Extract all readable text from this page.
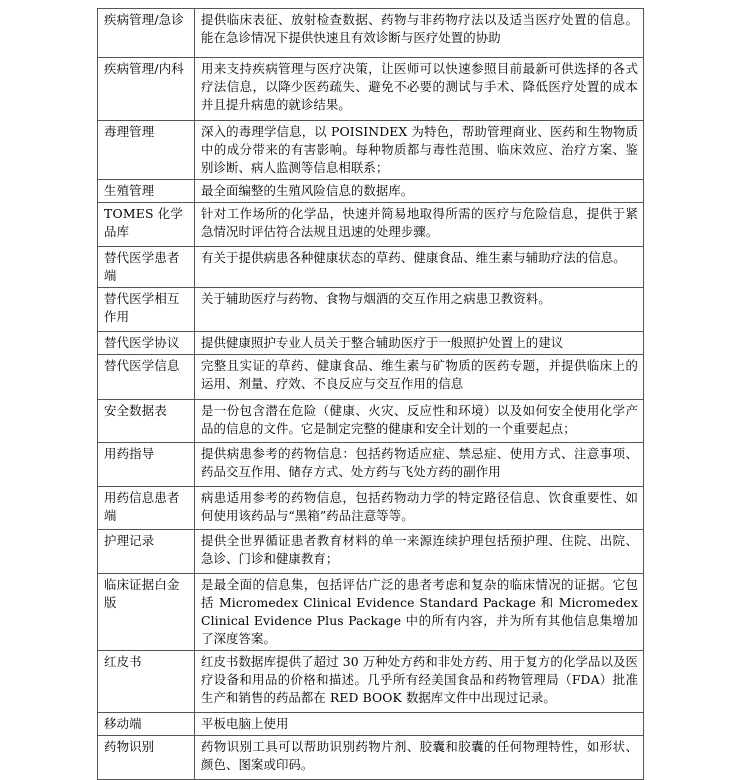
疾病管理/急诊	提供临床表征、放射检查数据、药物与非药物疗法以及适当医疗处置的信息。能在急诊情况下提供快速且有效诊断与医疗处置的协助
疾病管理/内科	用来支持疾病管理与医疗决策，让医师可以快速参照目前最新可供选择的各式疗法信息，以降少医药疏失、避免不必要的测试与手术、降低医疗处置的成本并且提升病患的就诊结果。
毒理管理	深入的毒理学信息，以 POISINDEX 为特色，帮助管理商业、医药和生物物质中的成分带来的有害影响。每种物质都与毒性范围、临床效应、治疗方案、鉴别诊断、病人监测等信息相联系；
生殖管理	最全面编整的生殖风险信息的数据库。
TOMES 化学品库	针对工作场所的化学品，快速并简易地取得所需的医疗与危险信息，提供于紧急情况时评估符合法规且迅速的处理步骤。
替代医学患者端	有关于提供病患各种健康状态的草药、健康食品、维生素与辅助疗法的信息。
替代医学相互作用	关于辅助医疗与药物、食物与烟酒的交互作用之病患卫教资料。
替代医学协议	提供健康照护专业人员关于整合辅助医疗于一般照护处置上的建议
替代医学信息	完整且实证的草药、健康食品、维生素与矿物质的医药专题，并提供临床上的运用、剂量、疗效、不良反应与交互作用的信息
安全数据表	是一份包含潜在危险（健康、火灾、反应性和环境）以及如何安全使用化学产品的信息的文件。它是制定完整的健康和安全计划的一个重要起点；
用药指导	提供病患参考的药物信息：包括药物适应症、禁忌症、使用方式、注意事项、药品交互作用、储存方式、处方药与飞处方药的副作用
用药信息患者端	病患适用参考的药物信息，包括药物动力学的特定路径信息、饮食重要性、如何使用该药品与“黑箱”药品注意等等。
护理记录	提供全世界循证患者教育材料的单一来源连续护理包括预护理、住院、出院、急诊、门诊和健康教育；
临床证据白金版	是最全面的信息集，包括评估广泛的患者考虑和复杂的临床情况的证据。它包括 Micromedex Clinical Evidence Standard Package 和 Micromedex Clinical Evidence Plus Package 中的所有内容，并为所有其他信息集增加了深度答案。
红皮书	红皮书数据库提供了超过 30 万种处方药和非处方药、用于复方的化学品以及医疗设备和用品的价格和描述。几乎所有经美国食品和药物管理局（FDA）批准生产和销售的药品都在 RED BOOK 数据库文件中出现过记录。
移动端	平板电脑上使用
药物识别	药物识别工具可以帮助识别药物片剂、胶囊和胶囊的任何物理特性，如形状、颜色、图案或印码。
